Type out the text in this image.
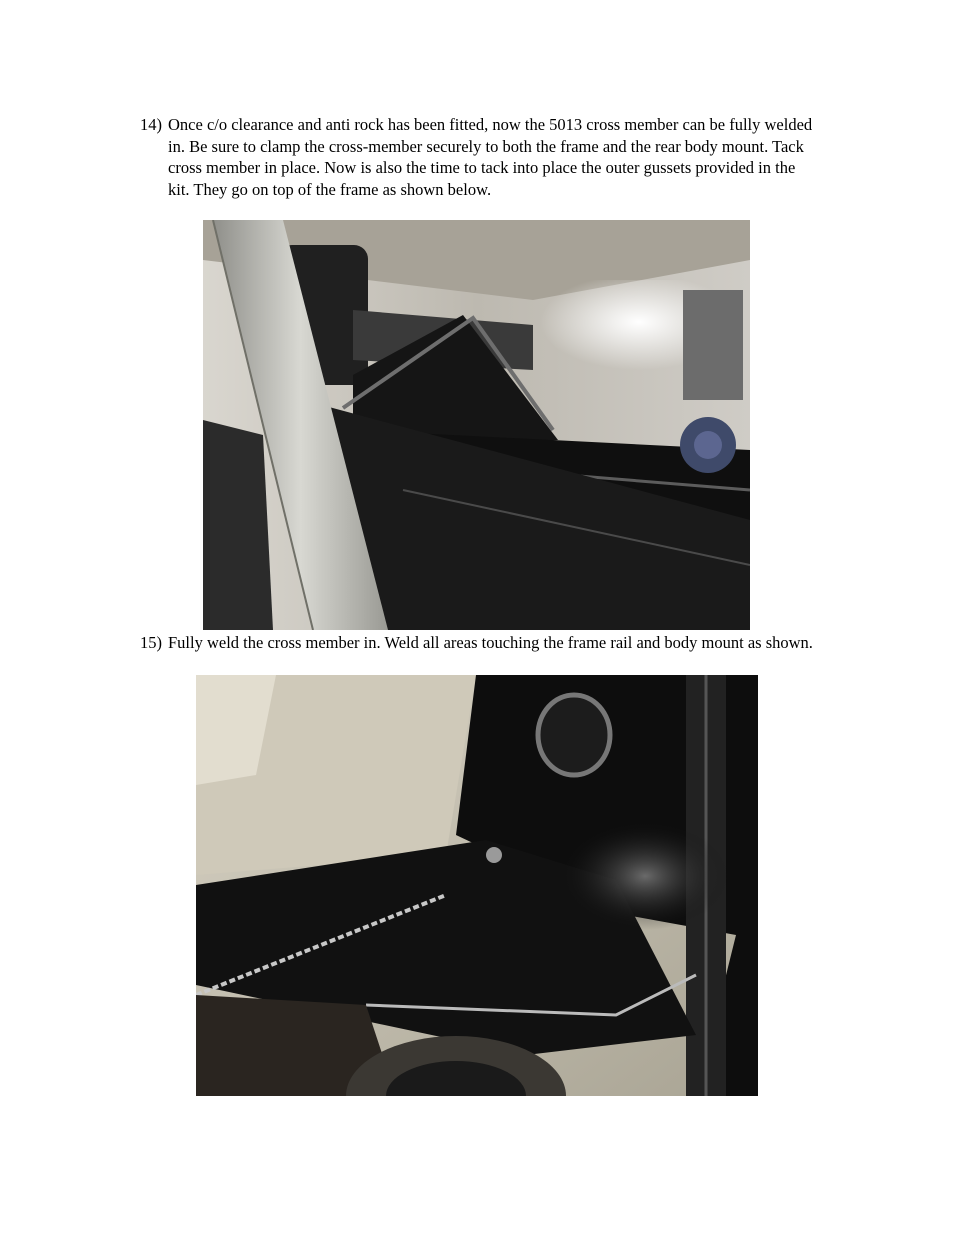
14) Once c/o clearance and anti rock has been fitted, now the 5013 cross member can be fully welded in. Be sure to clamp the cross-member securely to both the frame and the rear body mount. Tack cross member in place. Now is also the time to tack into place the outer gussets provided in the kit. They go on top of the frame as shown below.
15) Fully weld the cross member in. Weld all areas touching the frame rail and body mount as shown.
